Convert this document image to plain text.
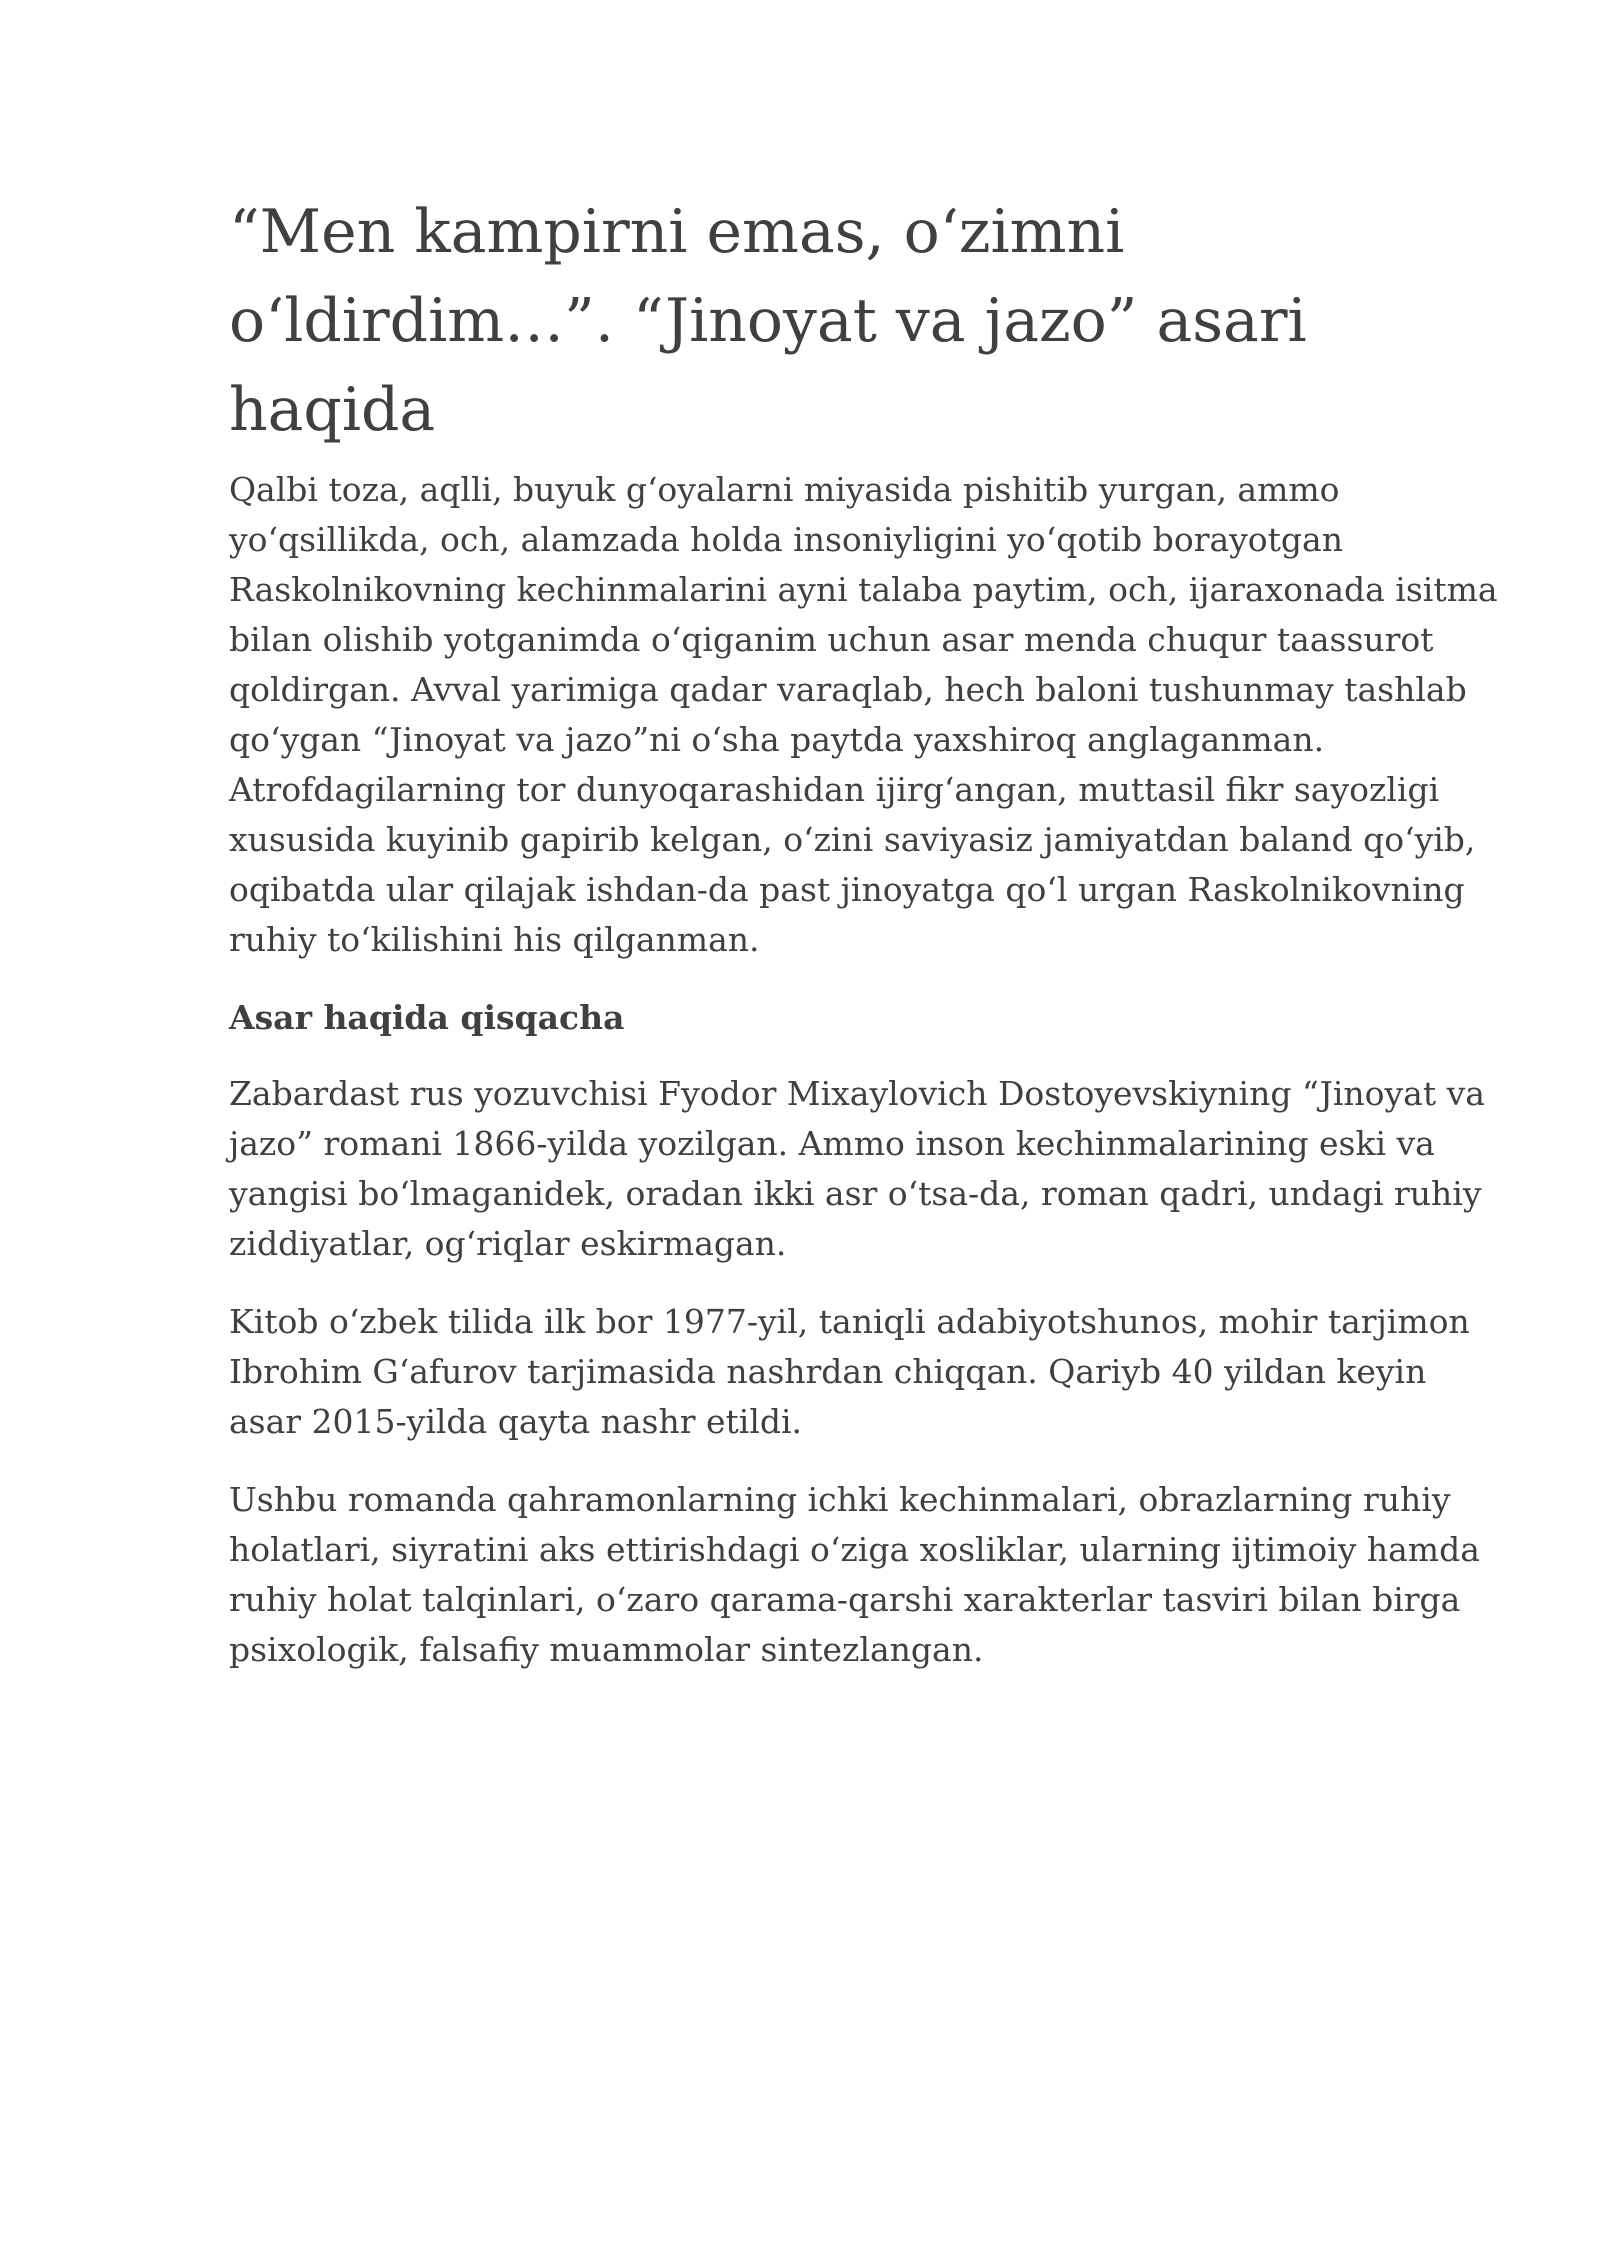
“Men kampirni emas, o‘zimni o‘ldirdim…”. “Jinoyat va jazo” asari haqida

Qalbi toza, aqlli, buyuk g‘oyalarni miyasida pishitib yurgan, ammo yo‘qsillikda, och, alamzada holda insoniyligini yo‘qotib borayotgan Raskolnikovning kechinmalarini ayni talaba paytim, och, ijaraxonada isitma bilan olishib yotganimda o‘qiganim uchun asar menda chuqur taassurot qoldirgan. Avval yarimiga qadar varaqlab, hech baloni tushunmay tashlab qo‘ygan “Jinoyat va jazo”ni o‘sha paytda yaxshiroq anglaganman. Atrofdagilarning tor dunyoqarashidan ijirg‘angan, muttasil fikr sayozligi xususida kuyinib gapirib kelgan, o‘zini saviyasiz jamiyatdan baland qo‘yib, oqibatda ular qilajak ishdan-da past jinoyatga qo‘l urgan Raskolnikovning ruhiy to‘kilishini his qilganman.

Asar haqida qisqacha

Zabardast rus yozuvchisi Fyodor Mixaylovich Dostoyevskiyning “Jinoyat va jazo” romani 1866-yilda yozilgan. Ammo inson kechinmalarining eski va yangisi bo‘lmaganidek, oradan ikki asr o‘tsa-da, roman qadri, undagi ruhiy ziddiyatlar, og‘riqlar eskirmagan.

Kitob o‘zbek tilida ilk bor 1977-yil, taniqli adabiyotshunos, mohir tarjimon Ibrohim G‘afurov tarjimasida nashrdan chiqqan. Qariyb 40 yildan keyin asar 2015-yilda qayta nashr etildi.

Ushbu romanda qahramonlarning ichki kechinmalari, obrazlarning ruhiy holatlari, siyratini aks ettirishdagi o‘ziga xosliklar, ularning ijtimoiy hamda ruhiy holat talqinlari, o‘zaro qarama-qarshi xarakterlar tasviri bilan birga psixologik, falsafiy muammolar sintezlangan.
